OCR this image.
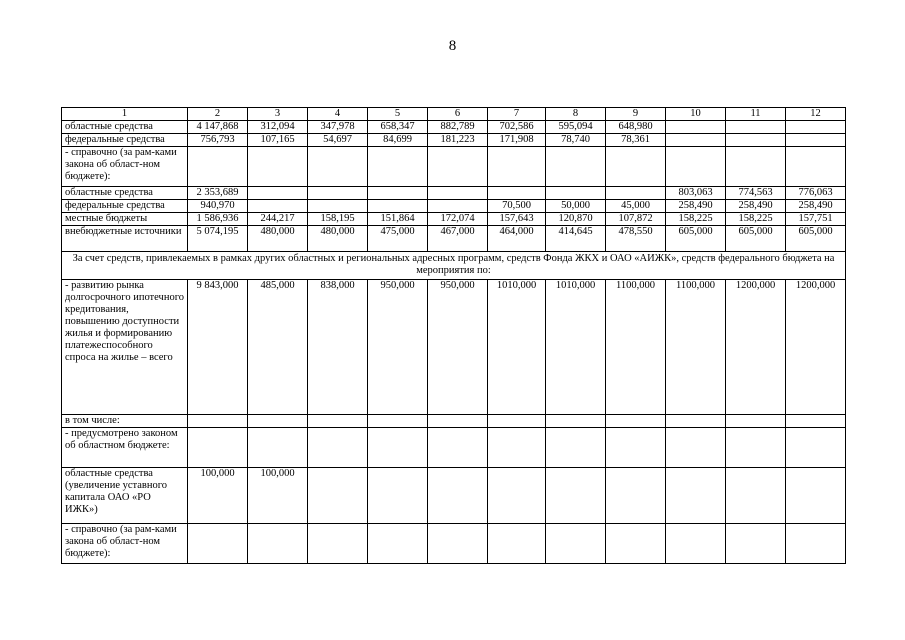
8
1	2	3	4	5	6	7	8	9	10	11	12
областные средства	4 147,868	312,094	347,978	658,347	882,789	702,586	595,094	648,980			
федеральные средства	756,793	107,165	54,697	84,699	181,223	171,908	78,740	78,361			
- справочно (за рам-ками закона об област-ном бюджете):											
областные средства	2 353,689								803,063	774,563	776,063
федеральные средства	940,970					70,500	50,000	45,000	258,490	258,490	258,490
местные бюджеты	1 586,936	244,217	158,195	151,864	172,074	157,643	120,870	107,872	158,225	158,225	157,751
внебюджетные источники	5 074,195	480,000	480,000	475,000	467,000	464,000	414,645	478,550	605,000	605,000	605,000
За счет средств, привлекаемых в рамках других областных и региональных адресных программ, средств Фонда ЖКХ и ОАО «АИЖК», средств федерального бюджета на мероприятия по:											
- развитию рынка долгосрочного ипотечного кредитования, повышению доступности жилья и формированию платежеспособного спроса на жилье – всего	9 843,000	485,000	838,000	950,000	950,000	1010,000	1010,000	1100,000	1100,000	1200,000	1200,000
в том числе:											
- предусмотрено законом об областном бюджете:											
областные средства (увеличение уставного капитала ОАО «РО ИЖК»)	100,000	100,000									
- справочно (за рам-ками закона об област-ном бюджете):											
